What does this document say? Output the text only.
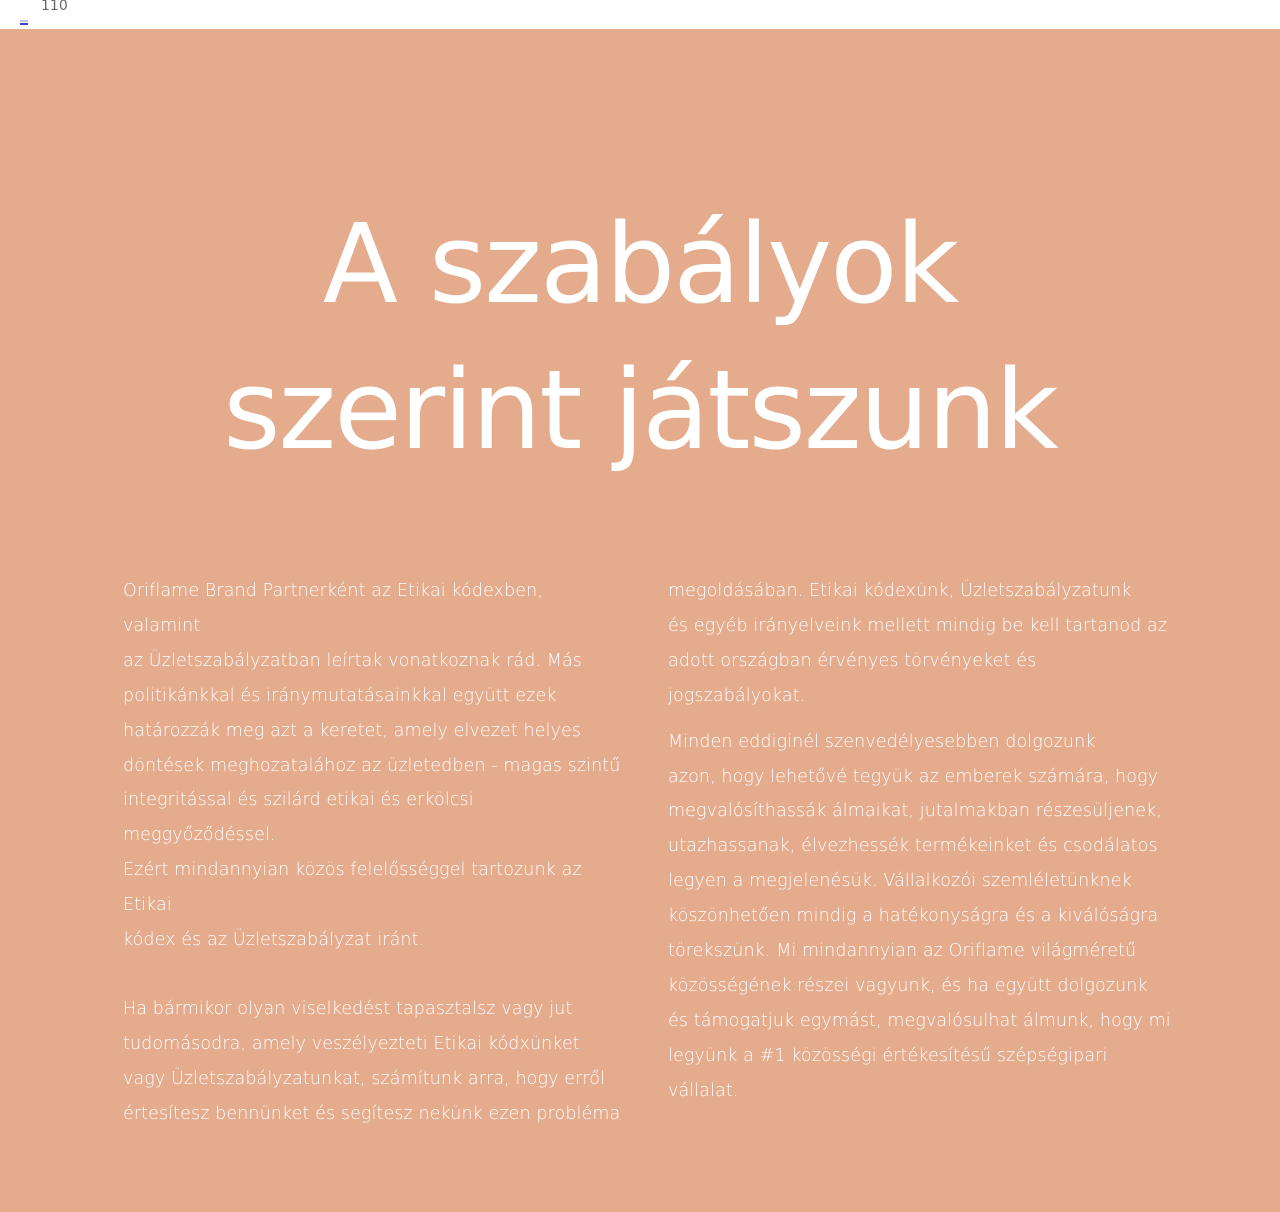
110
A szabályok
szerint játszunk

Oriflame Brand Partnerként az Etikai kódexben, valamint
az Üzletszabályzatban leírtak vonatkoznak rád. Más
politikánkkal és iránymutatásainkkal együtt ezek
határozzák meg azt a keretet, amely elvezet helyes
döntések meghozatalához az üzletedben - magas szintű
integritással és szilárd etikai és erkölcsi meggyőződéssel.
Ezért mindannyian közös felelősséggel tartozunk az Etikai
kódex és az Üzletszabályzat iránt.

Ha bármikor olyan viselkedést tapasztalsz vagy jut
tudomásodra, amely veszélyezteti Etikai kódxünket
vagy Üzletszabályzatunkat, számítunk arra, hogy erről
értesítesz bennünket és segítesz nekünk ezen probléma

megoldásában. Etikai kódexünk, Üzletszabályzatunk
és egyéb irányelveink mellett mindig be kell tartanod az
adott országban érvényes törvényeket és jogszabályokat.

Minden eddiginél szenvedélyesebben dolgozunk
azon, hogy lehetővé tegyük az emberek számára, hogy
megvalósíthassák álmaikat, jutalmakban részesüljenek,
utazhassanak, élvezhessék termékeinket és csodálatos
legyen a megjelenésük. Vállalkozói szemléletünknek
köszönhetően mindig a hatékonyságra és a kiválóságra
törekszünk. Mi mindannyian az Oriflame világméretű
közösségének részei vagyunk, és ha együtt dolgozunk
és támogatjuk egymást, megvalósulhat álmunk, hogy mi
legyünk a #1 közösségi értékesítésű szépségipari vállalat.
